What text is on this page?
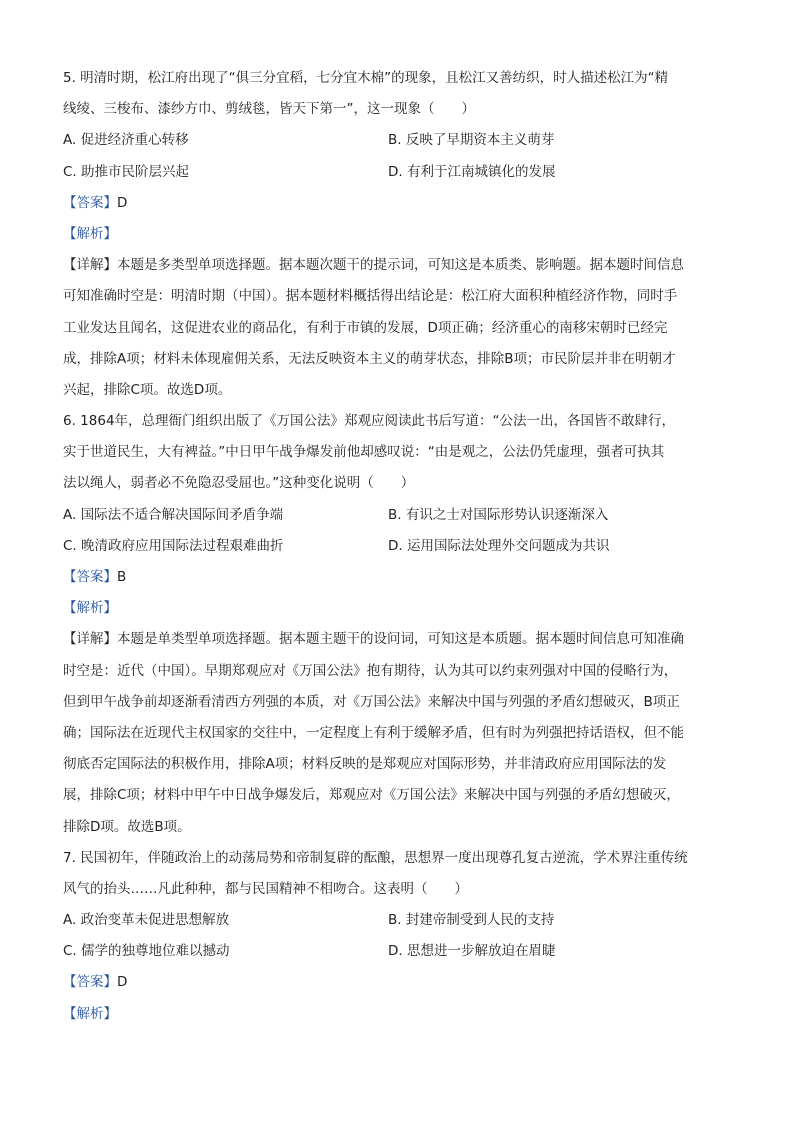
5. 明清时期，松江府出现了“俱三分宜稻，七分宜木棉”的现象，且松江又善纺织，时人描述松江为“精
线绫、三梭布、漆纱方巾、剪绒毯，皆天下第一”，这一现象（　　）
A. 促进经济重心转移	B. 反映了早期资本主义萌芽
C. 助推市民阶层兴起	D. 有利于江南城镇化的发展
【答案】D
【解析】
【详解】本题是多类型单项选择题。据本题次题干的提示词，可知这是本质类、影响题。据本题时间信息
可知准确时空是：明清时期（中国）。据本题材料概括得出结论是：松江府大面积种植经济作物，同时手
工业发达且闻名，这促进农业的商品化，有利于市镇的发展，D项正确；经济重心的南移宋朝时已经完
成，排除A项；材料未体现雇佣关系，无法反映资本主义的萌芽状态，排除B项；市民阶层并非在明朝才
兴起，排除C项。故选D项。
6. 1864年，总理衙门组织出版了《万国公法》郑观应阅读此书后写道：“公法一出，各国皆不敢肆行，
实于世道民生，大有裨益。”中日甲午战争爆发前他却感叹说：“由是观之，公法仍凭虚理，强者可执其
法以绳人，弱者必不免隐忍受屈也。”这种变化说明（　　）
A. 国际法不适合解决国际间矛盾争端	B. 有识之士对国际形势认识逐渐深入
C. 晚清政府应用国际法过程艰难曲折	D. 运用国际法处理外交问题成为共识
【答案】B
【解析】
【详解】本题是单类型单项选择题。据本题主题干的设问词，可知这是本质题。据本题时间信息可知准确
时空是：近代（中国）。早期郑观应对《万国公法》抱有期待，认为其可以约束列强对中国的侵略行为，
但到甲午战争前却逐渐看清西方列强的本质，对《万国公法》来解决中国与列强的矛盾幻想破灭，B项正
确；国际法在近现代主权国家的交往中，一定程度上有利于缓解矛盾，但有时为列强把持话语权，但不能
彻底否定国际法的积极作用，排除A项；材料反映的是郑观应对国际形势，并非清政府应用国际法的发
展，排除C项；材料中甲午中日战争爆发后，郑观应对《万国公法》来解决中国与列强的矛盾幻想破灭，
排除D项。故选B项。
7. 民国初年，伴随政治上的动荡局势和帝制复辟的酝酿，思想界一度出现尊孔复古逆流，学术界注重传统
风气的抬头……凡此种种，都与民国精神不相吻合。这表明（　　）
A. 政治变革未促进思想解放	B. 封建帝制受到人民的支持
C. 儒学的独尊地位难以撼动	D. 思想进一步解放迫在眉睫
【答案】D
【解析】
